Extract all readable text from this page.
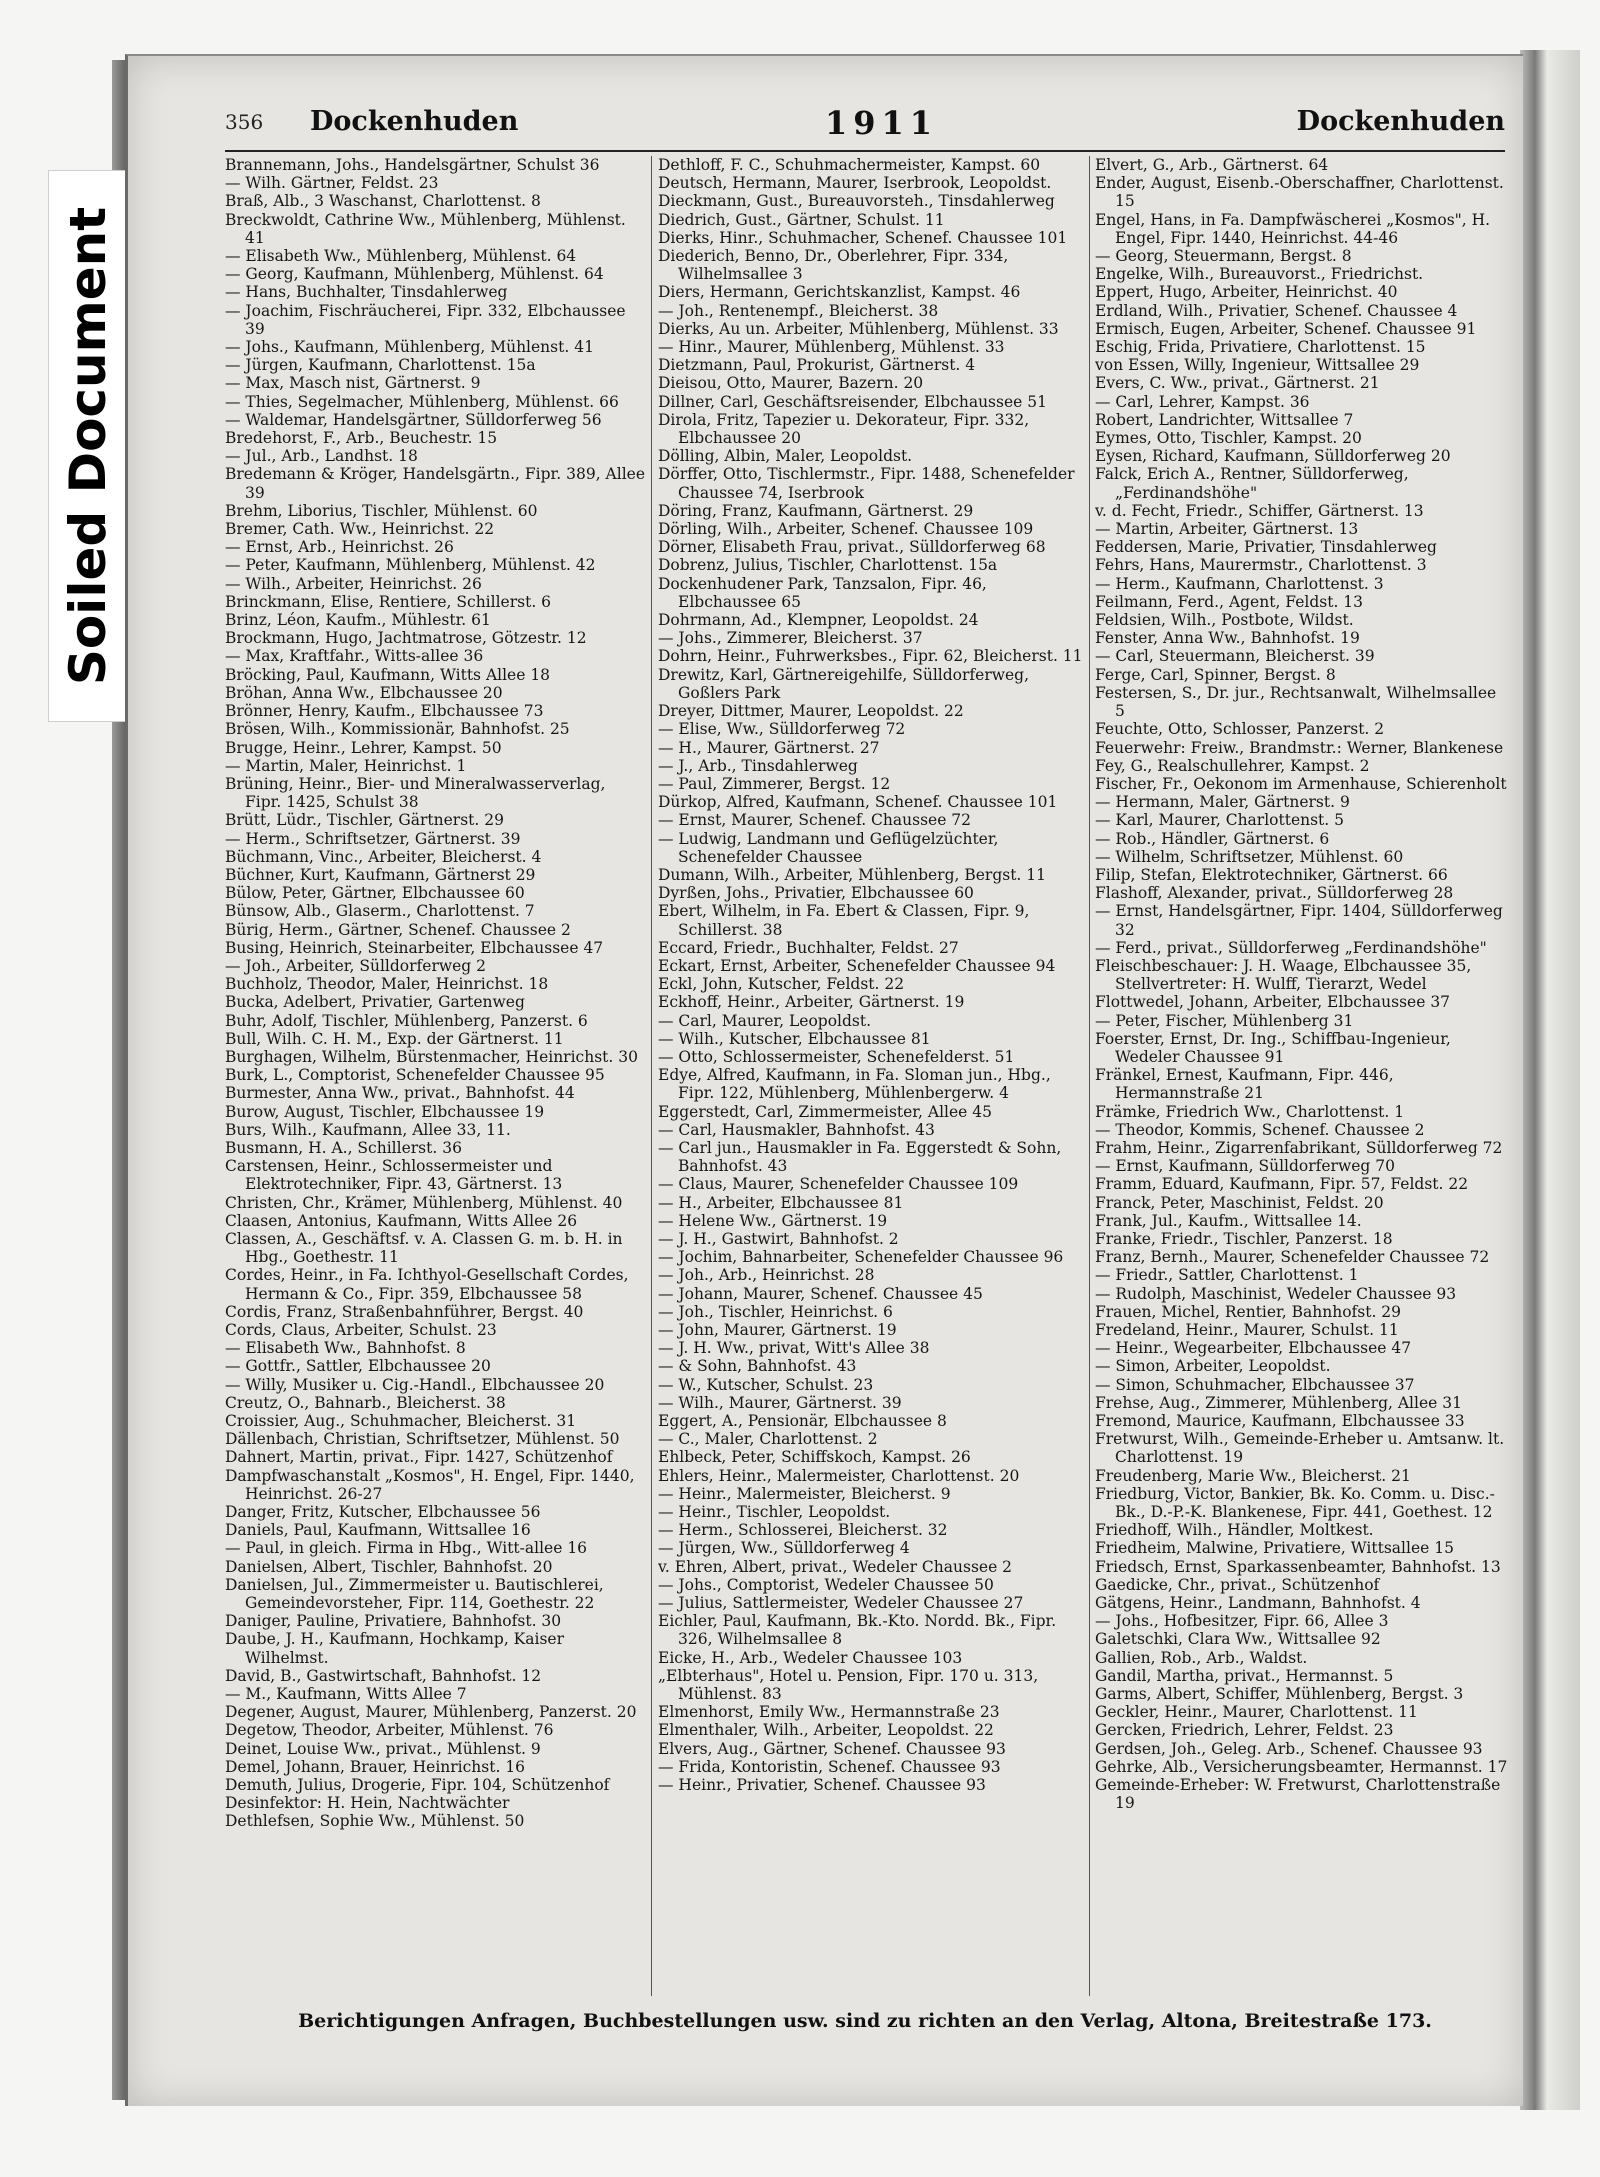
Soiled Document
356 Dockenhuden	1911	Dockenhuden

Brannemann, Johs., Handelsgärtner, Schulst 36

— Wilh. Gärtner, Feldst. 23

Braß, Alb., 3 Waschanst, Charlottenst. 8

Breckwoldt, Cathrine Ww., Mühlenberg, Mühlenst. 41

— Elisabeth Ww., Mühlenberg, Mühlenst. 64

— Georg, Kaufmann, Mühlenberg, Mühlenst. 64

— Hans, Buchhalter, Tinsdahlerweg

— Joachim, Fischräucherei, Fipr. 332, Elbchaussee 39

— Johs., Kaufmann, Mühlenberg, Mühlenst. 41

— Jürgen, Kaufmann, Charlottenst. 15a

— Max, Masch nist, Gärtnerst. 9

— Thies, Segelmacher, Mühlenberg, Mühlenst. 66

— Waldemar, Handelsgärtner, Sülldorferweg 56

Bredehorst, F., Arb., Beuchestr. 15

— Jul., Arb., Landhst. 18

Bredemann & Kröger, Handelsgärtn., Fipr. 389, Allee 39

Brehm, Liborius, Tischler, Mühlenst. 60

Bremer, Cath. Ww., Heinrichst. 22

— Ernst, Arb., Heinrichst. 26

— Peter, Kaufmann, Mühlenberg, Mühlenst. 42

— Wilh., Arbeiter, Heinrichst. 26

Brinckmann, Elise, Rentiere, Schillerst. 6

Brinz, Léon, Kaufm., Mühlestr. 61

Brockmann, Hugo, Jachtmatrose, Götzestr. 12

— Max, Kraftfahr., Witts-allee 36

Bröcking, Paul, Kaufmann, Witts Allee 18

Bröhan, Anna Ww., Elbchaussee 20

Brönner, Henry, Kaufm., Elbchaussee 73

Brösen, Wilh., Kommissionär, Bahnhofst. 25

Brugge, Heinr., Lehrer, Kampst. 50

— Martin, Maler, Heinrichst. 1

Brüning, Heinr., Bier- und Mineralwasserverlag, Fipr. 1425, Schulst 38

Brütt, Lüdr., Tischler, Gärtnerst. 29

— Herm., Schriftsetzer, Gärtnerst. 39

Büchmann, Vinc., Arbeiter, Bleicherst. 4

Büchner, Kurt, Kaufmann, Gärtnerst 29

Bülow, Peter, Gärtner, Elbchaussee 60

Bünsow, Alb., Glaserm., Charlottenst. 7

Bürig, Herm., Gärtner, Schenef. Chaussee 2

Busing, Heinrich, Steinarbeiter, Elbchaussee 47

— Joh., Arbeiter, Sülldorferweg 2

Buchholz, Theodor, Maler, Heinrichst. 18

Bucka, Adelbert, Privatier, Gartenweg

Buhr, Adolf, Tischler, Mühlenberg, Panzerst. 6

Bull, Wilh. C. H. M., Exp. der Gärtnerst. 11

Burghagen, Wilhelm, Bürstenmacher, Heinrichst. 30

Burk, L., Comptorist, Schenefelder Chaussee 95

Burmester, Anna Ww., privat., Bahnhofst. 44

Burow, August, Tischler, Elbchaussee 19

Burs, Wilh., Kaufmann, Allee 33, 11.

Busmann, H. A., Schillerst. 36

Carstensen, Heinr., Schlossermeister und Elektrotechniker, Fipr. 43, Gärtnerst. 13

Christen, Chr., Krämer, Mühlenberg, Mühlenst. 40

Claasen, Antonius, Kaufmann, Witts Allee 26

Classen, A., Geschäftsf. v. A. Classen G. m. b. H. in Hbg., Goethestr. 11

Cordes, Heinr., in Fa. Ichthyol-Gesellschaft Cordes, Hermann & Co., Fipr. 359, Elbchaussee 58

Cordis, Franz, Straßenbahnführer, Bergst. 40

Cords, Claus, Arbeiter, Schulst. 23

— Elisabeth Ww., Bahnhofst. 8

— Gottfr., Sattler, Elbchaussee 20

— Willy, Musiker u. Cig.-Handl., Elbchaussee 20

Creutz, O., Bahnarb., Bleicherst. 38

Croissier, Aug., Schuhmacher, Bleicherst. 31

Dällenbach, Christian, Schriftsetzer, Mühlenst. 50

Dahnert, Martin, privat., Fipr. 1427, Schützenhof

Dampfwaschanstalt „Kosmos", H. Engel, Fipr. 1440, Heinrichst. 26-27

Danger, Fritz, Kutscher, Elbchaussee 56

Daniels, Paul, Kaufmann, Wittsallee 16

— Paul, in gleich. Firma in Hbg., Witt-allee 16

Danielsen, Albert, Tischler, Bahnhofst. 20

Danielsen, Jul., Zimmermeister u. Bautischlerei, Gemeindevorsteher, Fipr. 114, Goethestr. 22

Daniger, Pauline, Privatiere, Bahnhofst. 30

Daube, J. H., Kaufmann, Hochkamp, Kaiser Wilhelmst.

David, B., Gastwirtschaft, Bahnhofst. 12

— M., Kaufmann, Witts Allee 7

Degener, August, Maurer, Mühlenberg, Panzerst. 20

Degetow, Theodor, Arbeiter, Mühlenst. 76

Deinet, Louise Ww., privat., Mühlenst. 9

Demel, Johann, Brauer, Heinrichst. 16

Demuth, Julius, Drogerie, Fipr. 104, Schützenhof

Desinfektor: H. Hein, Nachtwächter

Dethlefsen, Sophie Ww., Mühlenst. 50

Dethloff, F. C., Schuhmachermeister, Kampst. 60

Deutsch, Hermann, Maurer, Iserbrook, Leopoldst.

Dieckmann, Gust., Bureauvorsteh., Tinsdahlerweg

Diedrich, Gust., Gärtner, Schulst. 11

Dierks, Hinr., Schuhmacher, Schenef. Chaussee 101

Diederich, Benno, Dr., Oberlehrer, Fipr. 334, Wilhelmsallee 3

Diers, Hermann, Gerichtskanzlist, Kampst. 46

— Joh., Rentenempf., Bleicherst. 38

Dierks, Au un. Arbeiter, Mühlenberg, Mühlenst. 33

— Hinr., Maurer, Mühlenberg, Mühlenst. 33

Dietzmann, Paul, Prokurist, Gärtnerst. 4

Dieisou, Otto, Maurer, Bazern. 20

Dillner, Carl, Geschäftsreisender, Elbchaussee 51

Dirola, Fritz, Tapezier u. Dekorateur, Fipr. 332, Elbchaussee 20

Dölling, Albin, Maler, Leopoldst.

Dörffer, Otto, Tischlermstr., Fipr. 1488, Schenefelder Chaussee 74, Iserbrook

Döring, Franz, Kaufmann, Gärtnerst. 29

Dörling, Wilh., Arbeiter, Schenef. Chaussee 109

Dörner, Elisabeth Frau, privat., Sülldorferweg 68

Dobrenz, Julius, Tischler, Charlottenst. 15a

Dockenhudener Park, Tanzsalon, Fipr. 46, Elbchaussee 65

Dohrmann, Ad., Klempner, Leopoldst. 24

— Johs., Zimmerer, Bleicherst. 37

Dohrn, Heinr., Fuhrwerksbes., Fipr. 62, Bleicherst. 11

Drewitz, Karl, Gärtnereigehilfe, Sülldorferweg, Goßlers Park

Dreyer, Dittmer, Maurer, Leopoldst. 22

— Elise, Ww., Sülldorferweg 72

— H., Maurer, Gärtnerst. 27

— J., Arb., Tinsdahlerweg

— Paul, Zimmerer, Bergst. 12

Dürkop, Alfred, Kaufmann, Schenef. Chaussee 101

— Ernst, Maurer, Schenef. Chaussee 72

— Ludwig, Landmann und Geflügelzüchter, Schenefelder Chaussee

Dumann, Wilh., Arbeiter, Mühlenberg, Bergst. 11

Dyrßen, Johs., Privatier, Elbchaussee 60

Ebert, Wilhelm, in Fa. Ebert & Classen, Fipr. 9, Schillerst. 38

Eccard, Friedr., Buchhalter, Feldst. 27

Eckart, Ernst, Arbeiter, Schenefelder Chaussee 94

Eckl, John, Kutscher, Feldst. 22

Eckhoff, Heinr., Arbeiter, Gärtnerst. 19

— Carl, Maurer, Leopoldst.

— Wilh., Kutscher, Elbchaussee 81

— Otto, Schlossermeister, Schenefelderst. 51

Edye, Alfred, Kaufmann, in Fa. Sloman jun., Hbg., Fipr. 122, Mühlenberg, Mühlenbergerw. 4

Eggerstedt, Carl, Zimmermeister, Allee 45

— Carl, Hausmakler, Bahnhofst. 43

— Carl jun., Hausmakler in Fa. Eggerstedt & Sohn, Bahnhofst. 43

— Claus, Maurer, Schenefelder Chaussee 109

— H., Arbeiter, Elbchaussee 81

— Helene Ww., Gärtnerst. 19

— J. H., Gastwirt, Bahnhofst. 2

— Jochim, Bahnarbeiter, Schenefelder Chaussee 96

— Joh., Arb., Heinrichst. 28

— Johann, Maurer, Schenef. Chaussee 45

— Joh., Tischler, Heinrichst. 6

— John, Maurer, Gärtnerst. 19

— J. H. Ww., privat, Witt's Allee 38

— & Sohn, Bahnhofst. 43

— W., Kutscher, Schulst. 23

— Wilh., Maurer, Gärtnerst. 39

Eggert, A., Pensionär, Elbchaussee 8

— C., Maler, Charlottenst. 2

Ehlbeck, Peter, Schiffskoch, Kampst. 26

Ehlers, Heinr., Malermeister, Charlottenst. 20

— Heinr., Malermeister, Bleicherst. 9

— Heinr., Tischler, Leopoldst.

— Herm., Schlosserei, Bleicherst. 32

— Jürgen, Ww., Sülldorferweg 4

v. Ehren, Albert, privat., Wedeler Chaussee 2

— Johs., Comptorist, Wedeler Chaussee 50

— Julius, Sattlermeister, Wedeler Chaussee 27

Eichler, Paul, Kaufmann, Bk.-Kto. Nordd. Bk., Fipr. 326, Wilhelmsallee 8

Eicke, H., Arb., Wedeler Chaussee 103

„Elbterhaus", Hotel u. Pension, Fipr. 170 u. 313, Mühlenst. 83

Elmenhorst, Emily Ww., Hermannstraße 23

Elmenthaler, Wilh., Arbeiter, Leopoldst. 22

Elvers, Aug., Gärtner, Schenef. Chaussee 93

— Frida, Kontoristin, Schenef. Chaussee 93

— Heinr., Privatier, Schenef. Chaussee 93

Elvert, G., Arb., Gärtnerst. 64

Ender, August, Eisenb.-Oberschaffner, Charlottenst. 15

Engel, Hans, in Fa. Dampfwäscherei „Kosmos", H. Engel, Fipr. 1440, Heinrichst. 44-46

— Georg, Steuermann, Bergst. 8

Engelke, Wilh., Bureauvorst., Friedrichst.

Eppert, Hugo, Arbeiter, Heinrichst. 40

Erdland, Wilh., Privatier, Schenef. Chaussee 4

Ermisch, Eugen, Arbeiter, Schenef. Chaussee 91

Eschig, Frida, Privatiere, Charlottenst. 15

von Essen, Willy, Ingenieur, Wittsallee 29

Evers, C. Ww., privat., Gärtnerst. 21

— Carl, Lehrer, Kampst. 36

Robert, Landrichter, Wittsallee 7

Eymes, Otto, Tischler, Kampst. 20

Eysen, Richard, Kaufmann, Sülldorferweg 20

Falck, Erich A., Rentner, Sülldorferweg, „Ferdinandshöhe"

v. d. Fecht, Friedr., Schiffer, Gärtnerst. 13

— Martin, Arbeiter, Gärtnerst. 13

Feddersen, Marie, Privatier, Tinsdahlerweg

Fehrs, Hans, Maurermstr., Charlottenst. 3

— Herm., Kaufmann, Charlottenst. 3

Feilmann, Ferd., Agent, Feldst. 13

Feldsien, Wilh., Postbote, Wildst.

Fenster, Anna Ww., Bahnhofst. 19

— Carl, Steuermann, Bleicherst. 39

Ferge, Carl, Spinner, Bergst. 8

Festersen, S., Dr. jur., Rechtsanwalt, Wilhelmsallee 5

Feuchte, Otto, Schlosser, Panzerst. 2

Feuerwehr: Freiw., Brandmstr.: Werner, Blankenese

Fey, G., Realschullehrer, Kampst. 2

Fischer, Fr., Oekonom im Armenhause, Schierenholt

— Hermann, Maler, Gärtnerst. 9

— Karl, Maurer, Charlottenst. 5

— Rob., Händler, Gärtnerst. 6

— Wilhelm, Schriftsetzer, Mühlenst. 60

Filip, Stefan, Elektrotechniker, Gärtnerst. 66

Flashoff, Alexander, privat., Sülldorferweg 28

— Ernst, Handelsgärtner, Fipr. 1404, Sülldorferweg 32

— Ferd., privat., Sülldorferweg „Ferdinandshöhe"

Fleischbeschauer: J. H. Waage, Elbchaussee 35, Stellvertreter: H. Wulff, Tierarzt, Wedel

Flottwedel, Johann, Arbeiter, Elbchaussee 37

— Peter, Fischer, Mühlenberg 31

Foerster, Ernst, Dr. Ing., Schiffbau-Ingenieur, Wedeler Chaussee 91

Fränkel, Ernest, Kaufmann, Fipr. 446, Hermannstraße 21

Främke, Friedrich Ww., Charlottenst. 1

— Theodor, Kommis, Schenef. Chaussee 2

Frahm, Heinr., Zigarrenfabrikant, Sülldorferweg 72

— Ernst, Kaufmann, Sülldorferweg 70

Framm, Eduard, Kaufmann, Fipr. 57, Feldst. 22

Franck, Peter, Maschinist, Feldst. 20

Frank, Jul., Kaufm., Wittsallee 14.

Franke, Friedr., Tischler, Panzerst. 18

Franz, Bernh., Maurer, Schenefelder Chaussee 72

— Friedr., Sattler, Charlottenst. 1

— Rudolph, Maschinist, Wedeler Chaussee 93

Frauen, Michel, Rentier, Bahnhofst. 29

Fredeland, Heinr., Maurer, Schulst. 11

— Heinr., Wegearbeiter, Elbchaussee 47

— Simon, Arbeiter, Leopoldst.

— Simon, Schuhmacher, Elbchaussee 37

Frehse, Aug., Zimmerer, Mühlenberg, Allee 31

Fremond, Maurice, Kaufmann, Elbchaussee 33

Fretwurst, Wilh., Gemeinde-Erheber u. Amtsanw. lt. Charlottenst. 19

Freudenberg, Marie Ww., Bleicherst. 21

Friedburg, Victor, Bankier, Bk. Ko. Comm. u. Disc.-Bk., D.-P.-K. Blankenese, Fipr. 441, Goethest. 12

Friedhoff, Wilh., Händler, Moltkest.

Friedheim, Malwine, Privatiere, Wittsallee 15

Friedsch, Ernst, Sparkassenbeamter, Bahnhofst. 13

Gaedicke, Chr., privat., Schützenhof

Gätgens, Heinr., Landmann, Bahnhofst. 4

— Johs., Hofbesitzer, Fipr. 66, Allee 3

Galetschki, Clara Ww., Wittsallee 92

Gallien, Rob., Arb., Waldst.

Gandil, Martha, privat., Hermannst. 5

Garms, Albert, Schiffer, Mühlenberg, Bergst. 3

Geckler, Heinr., Maurer, Charlottenst. 11

Gercken, Friedrich, Lehrer, Feldst. 23

Gerdsen, Joh., Geleg. Arb., Schenef. Chaussee 93

Gehrke, Alb., Versicherungsbeamter, Hermannst. 17

Gemeinde-Erheber: W. Fretwurst, Charlottenstraße 19

Berichtigungen Anfragen, Buchbestellungen usw. sind zu richten an den Verlag, Altona, Breitestraße 173.
